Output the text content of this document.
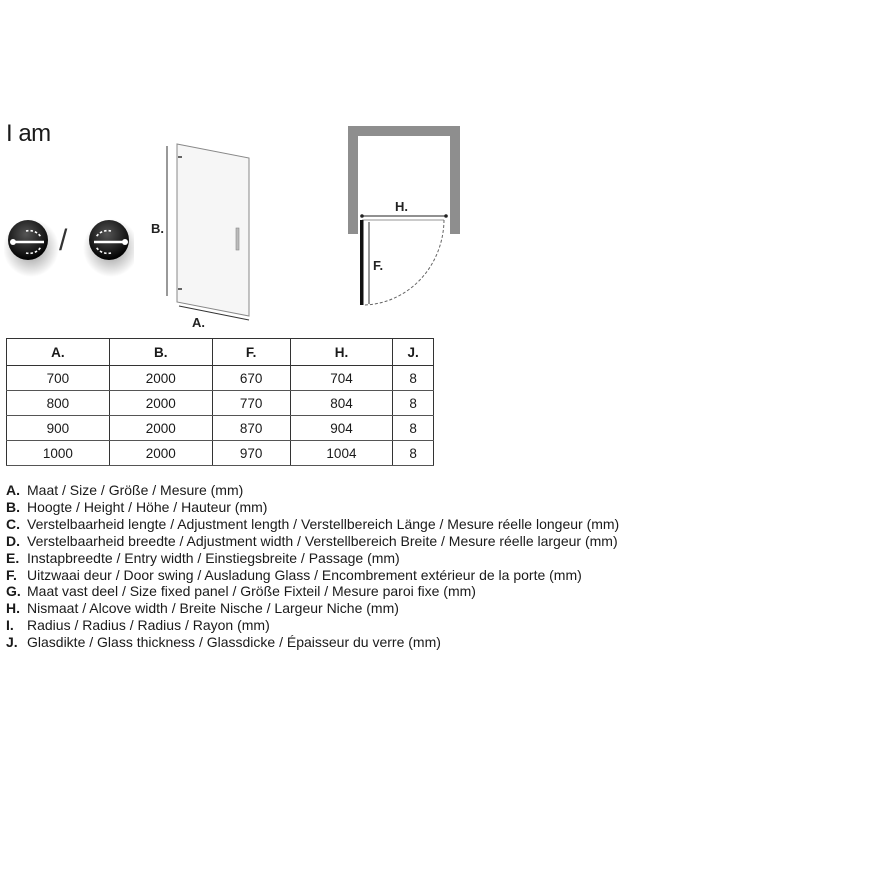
I am
/	B.
A.
H.
F.
A.	B.	F.	H.	J.
700	2000	670	704	8
800	2000	770	804	8
900	2000	870	904	8
1000	2000	970	1004	8
A. Maat / Size / Größe / Mesure (mm)
B. Hoogte / Height / Höhe / Hauteur (mm)
C. Verstelbaarheid lengte / Adjustment length / Verstellbereich Länge / Mesure réelle longeur (mm)
D. Verstelbaarheid breedte / Adjustment width / Verstellbereich Breite / Mesure réelle largeur (mm)
E. Instapbreedte / Entry width / Einstiegsbreite / Passage (mm)
F. Uitzwaai deur / Door swing / Ausladung Glass / Encombrement extérieur de la porte (mm)
G. Maat vast deel / Size fixed panel / Größe Fixteil / Mesure paroi fixe (mm)
H. Nismaat / Alcove width / Breite Nische / Largeur Niche (mm)
I. Radius / Radius / Radius / Rayon (mm)
J. Glasdikte / Glass thickness / Glassdicke / Épaisseur du verre (mm)
